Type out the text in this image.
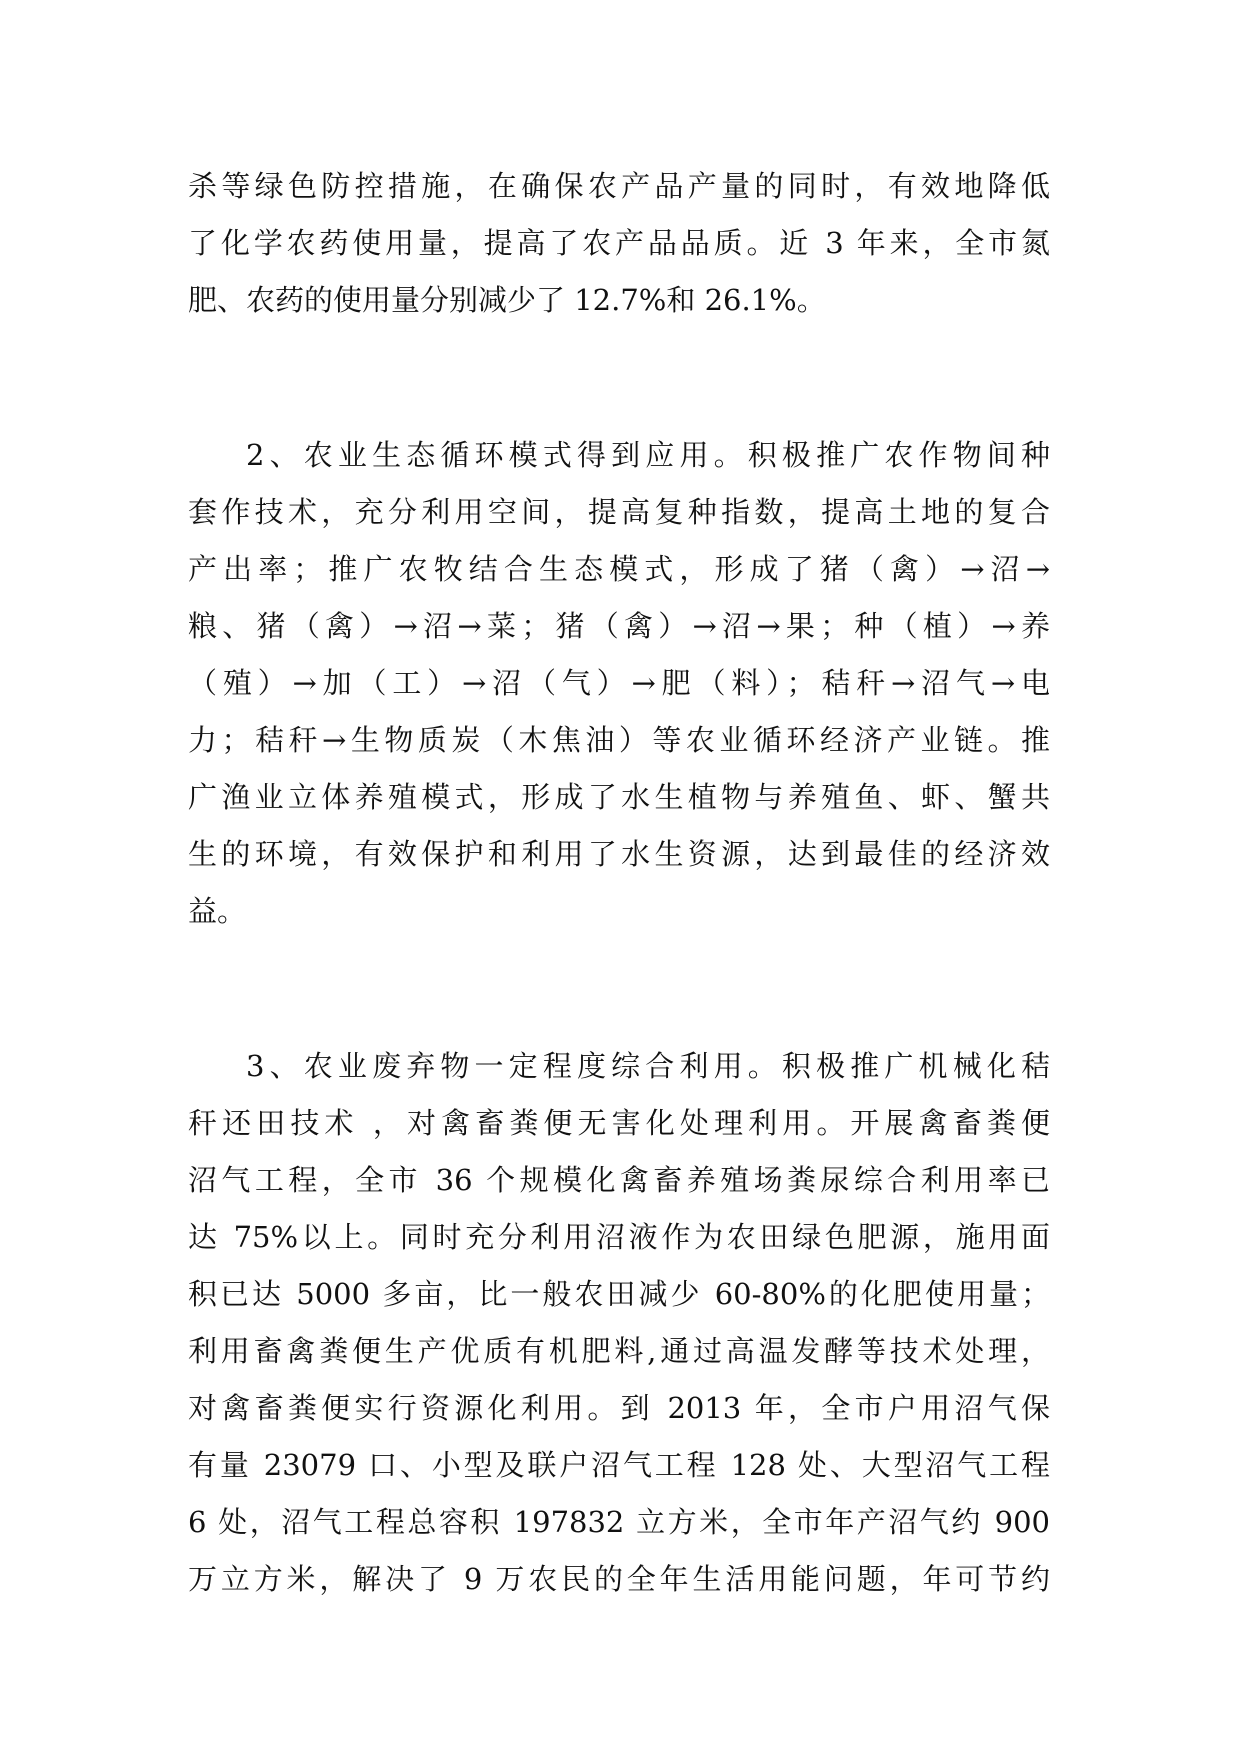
杀等绿色防控措施，在确保农产品产量的同时，有效地降低
了化学农药使用量，提高了农产品品质。近 3 年来，全市氮
肥、农药的使用量分别减少了 12.7%和 26.1%。
2、农业生态循环模式得到应用。积极推广农作物间种
套作技术，充分利用空间，提高复种指数，提高土地的复合
产出率；推广农牧结合生态模式，形成了猪（禽）→沼→
粮、猪（禽）→沼→菜；猪（禽）→沼→果；种（植）→养
（殖）→加（工）→沼（气）→肥（料）；秸秆→沼气→电
力；秸秆→生物质炭（木焦油）等农业循环经济产业链。推
广渔业立体养殖模式，形成了水生植物与养殖鱼、虾、蟹共
生的环境，有效保护和利用了水生资源，达到最佳的经济效
益。
3、农业废弃物一定程度综合利用。积极推广机械化秸
秆还田技术 ，对禽畜粪便无害化处理利用。开展禽畜粪便
沼气工程，全市 36 个规模化禽畜养殖场粪尿综合利用率已
达 75%以上。同时充分利用沼液作为农田绿色肥源，施用面
积已达 5000 多亩，比一般农田减少 60-80%的化肥使用量；
利用畜禽粪便生产优质有机肥料,通过高温发酵等技术处理，
对禽畜粪便实行资源化利用。到 2013 年，全市户用沼气保
有量 23079 口、小型及联户沼气工程 128 处、大型沼气工程
6 处，沼气工程总容积 197832 立方米，全市年产沼气约 900
万立方米，解决了 9 万农民的全年生活用能问题，年可节约
